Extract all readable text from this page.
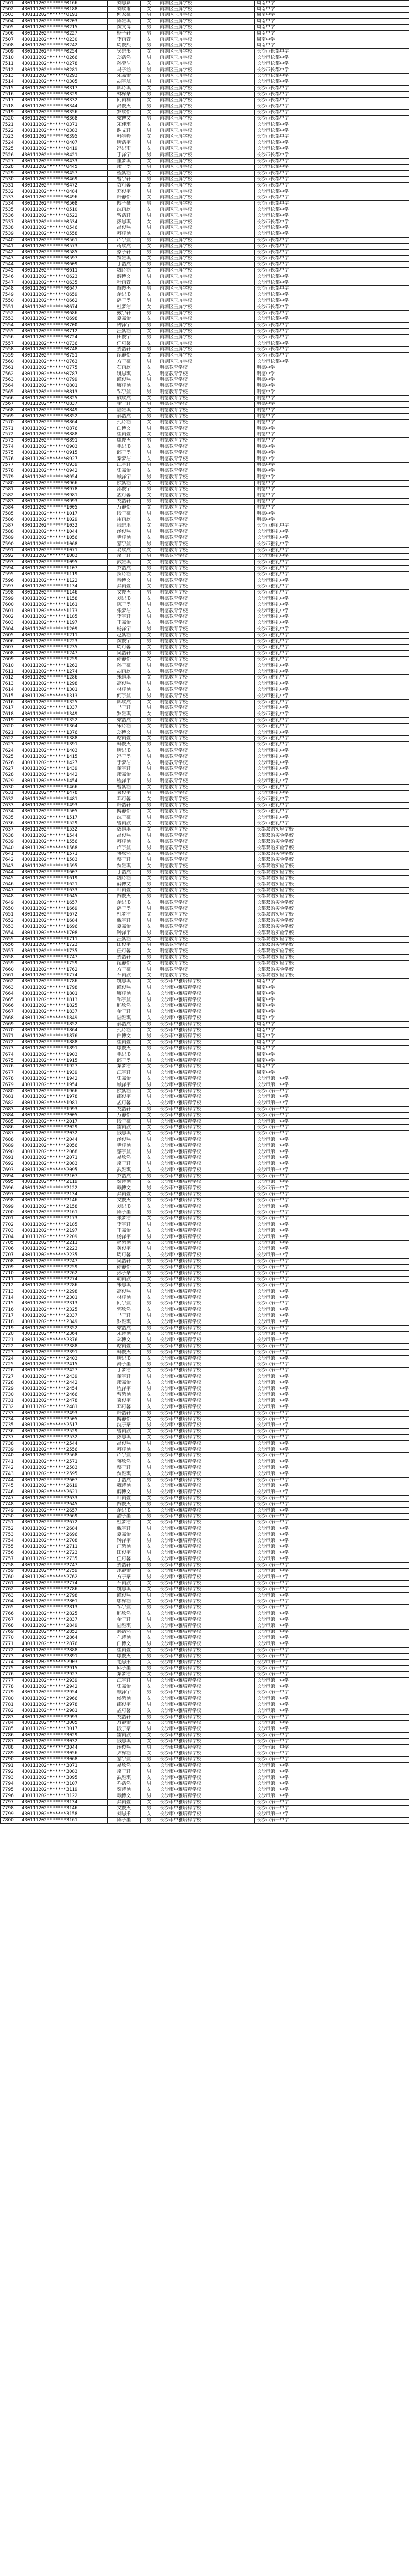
7501	430111202*******0166	刘思嘉	女	雨湖区玉屏学校	周南中学
7502	430111202*******0188	刘欣雨	女	雨湖区玉屏学校	周南中学
7503	430111202*******0191	何家豪	男	雨湖区玉屏学校	周南中学
7504	430111202*******0203	陈雅琪	女	雨湖区玉屏学校	周南中学
7505	430111202*******0215	黄文博	男	雨湖区玉屏学校	周南中学
7506	430111202*******0227	杨子轩	男	雨湖区玉屏学校	周南中学
7507	430111202*******0230	李雨萱	女	雨湖区玉屏学校	周南中学
7508	430111202*******0242	周俊熙	男	雨湖区玉屏学校	周南中学
7509	430111202*******0254	吴思彤	女	雨湖区玉屏学校	长沙市长郡中学
7510	430111202*******0266	郑浩然	男	雨湖区玉屏学校	长沙市长郡中学
7511	430111202*******0278	孙梦洁	女	雨湖区玉屏学校	长沙市长郡中学
7512	430111202*******0281	马子涵	男	雨湖区玉屏学校	长沙市长郡中学
7513	430111202*******0293	朱嘉怡	女	雨湖区玉屏学校	长沙市长郡中学
7514	430111202*******0305	胡宇航	男	雨湖区玉屏学校	长沙市长郡中学
7515	430111202*******0317	郭诗琪	女	雨湖区玉屏学校	长沙市长郡中学
7516	430111202*******0329	林梓豪	男	雨湖区玉屏学校	长沙市长郡中学
7517	430111202*******0332	何雨桐	女	雨湖区玉屏学校	长沙市长郡中学
7518	430111202*******0344	高俊杰	男	雨湖区玉屏学校	长沙市长郡中学
7519	430111202*******0356	罗欣怡	女	雨湖区玉屏学校	长沙市长郡中学
7520	430111202*******0368	梁博文	男	雨湖区玉屏学校	长沙市长郡中学
7521	430111202*******0371	宋佳琪	女	雨湖区玉屏学校	长沙市长郡中学
7522	430111202*******0383	谢文轩	男	雨湖区玉屏学校	长沙市长郡中学
7523	430111202*******0395	韩雅婷	女	雨湖区玉屏学校	长沙市长郡中学
7524	430111202*******0407	唐浩宇	男	雨湖区玉屏学校	长沙市长郡中学
7525	430111202*******0419	冯思雨	女	雨湖区玉屏学校	长沙市长郡中学
7526	430111202*******0421	于泽宇	男	雨湖区玉屏学校	长沙市长郡中学
7527	430111202*******0433	董梦琪	女	雨湖区玉屏学校	长沙市长郡中学
7528	430111202*******0445	萧子墨	男	雨湖区玉屏学校	长沙市长郡中学
7529	430111202*******0457	程紫涵	女	雨湖区玉屏学校	长沙市长郡中学
7530	430111202*******0469	曹宇轩	男	雨湖区玉屏学校	长沙市长郡中学
7531	430111202*******0472	袁可馨	女	雨湖区玉屏学校	长沙市长郡中学
7532	430111202*******0484	邓俊宇	男	雨湖区玉屏学校	长沙市长郡中学
7533	430111202*******0496	许静怡	女	雨湖区玉屏学校	长沙市长郡中学
7534	430111202*******0508	傅子豪	男	雨湖区玉屏学校	长沙市长郡中学
7535	430111202*******0510	沈雨欣	女	雨湖区玉屏学校	长沙市长郡中学
7536	430111202*******0522	曾浩轩	男	雨湖区玉屏学校	长沙市长郡中学
7537	430111202*******0534	彭思琪	女	雨湖区玉屏学校	长沙市长郡中学
7538	430111202*******0546	吕俊熙	男	雨湖区玉屏学校	长沙市长郡中学
7539	430111202*******0558	苏梓涵	女	雨湖区玉屏学校	长沙市长郡中学
7540	430111202*******0561	卢宇航	男	雨湖区玉屏学校	长沙市长郡中学
7541	430111202*******0573	蒋欣然	女	雨湖区玉屏学校	长沙市长郡中学
7542	430111202*******0585	蔡子轩	男	雨湖区玉屏学校	长沙市长郡中学
7543	430111202*******0597	贾雅琪	女	雨湖区玉屏学校	长沙市长郡中学
7544	430111202*******0609	丁浩然	男	雨湖区玉屏学校	长沙市长郡中学
7545	430111202*******0611	魏诗涵	女	雨湖区玉屏学校	长沙市长郡中学
7546	430111202*******0623	薛博文	男	雨湖区玉屏学校	长沙市长郡中学
7547	430111202*******0635	叶雨萱	女	雨湖区玉屏学校	长沙市长郡中学
7548	430111202*******0647	阎俊杰	男	雨湖区玉屏学校	长沙市长郡中学
7549	430111202*******0659	余思彤	女	雨湖区玉屏学校	长沙市长郡中学
7550	430111202*******0662	潘子墨	男	雨湖区玉屏学校	长沙市长郡中学
7551	430111202*******0674	杜梦洁	女	雨湖区玉屏学校	长沙市长郡中学
7552	430111202*******0686	戴宇轩	男	雨湖区玉屏学校	长沙市长郡中学
7553	430111202*******0698	夏嘉怡	女	雨湖区玉屏学校	长沙市长郡中学
7554	430111202*******0700	钟泽宇	男	雨湖区玉屏学校	长沙市长郡中学
7555	430111202*******0712	汪紫涵	女	雨湖区玉屏学校	长沙市长郡中学
7556	430111202*******0724	田俊宇	男	雨湖区玉屏学校	长沙市长郡中学
7557	430111202*******0736	任可馨	女	雨湖区玉屏学校	长沙市长郡中学
7558	430111202*******0748	姜浩轩	男	雨湖区玉屏学校	长沙市长郡中学
7559	430111202*******0751	范静怡	女	雨湖区玉屏学校	长沙市长郡中学
7560	430111202*******0763	方子豪	男	雨湖区玉屏学校	长沙市长郡中学
7561	430111202*******0775	石雨欣	女	明德教育学校	明德中学
7562	430111202*******0787	姚思琪	女	明德教育学校	明德中学
7563	430111202*******0799	谭俊熙	男	明德教育学校	明德中学
7564	430111202*******0801	廖梓涵	女	明德教育学校	明德中学
7565	430111202*******0813	邹宇航	男	明德教育学校	明德中学
7566	430111202*******0825	熊欣然	女	明德教育学校	明德中学
7567	430111202*******0837	金子轩	男	明德教育学校	明德中学
7568	430111202*******0849	陆雅琪	女	明德教育学校	明德中学
7569	430111202*******0852	郝浩然	男	明德教育学校	明德中学
7570	430111202*******0864	孔诗涵	女	明德教育学校	明德中学
7571	430111202*******0876	白博文	男	明德教育学校	明德中学
7572	430111202*******0888	崔雨萱	女	明德教育学校	明德中学
7573	430111202*******0891	康俊杰	男	明德教育学校	明德中学
7574	430111202*******0903	毛思彤	女	明德教育学校	明德中学
7575	430111202*******0915	邱子墨	男	明德教育学校	明德中学
7576	430111202*******0927	秦梦洁	女	明德教育学校	明德中学
7577	430111202*******0939	江宇轩	男	明德教育学校	明德中学
7578	430111202*******0942	史嘉怡	女	明德教育学校	明德中学
7579	430111202*******0954	顾泽宇	男	明德教育学校	明德中学
7580	430111202*******0966	侯紫涵	女	明德教育学校	明德中学
7581	430111202*******0978	邵俊宇	男	明德教育学校	明德中学
7582	430111202*******0981	孟可馨	女	明德教育学校	明德中学
7583	430111202*******0993	龙浩轩	男	明德教育学校	明德中学
7584	430111202*******1005	万静怡	女	明德教育学校	明德中学
7585	430111202*******1017	段子豪	男	明德教育学校	明德中学
7586	430111202*******1029	雷雨欣	女	明德教育学校	明德中学
7587	430111202*******1032	钱思琪	女	明德教育学校	长沙市雅礼中学
7588	430111202*******1044	汤俊熙	男	明德教育学校	长沙市雅礼中学
7589	430111202*******1056	尹梓涵	女	明德教育学校	长沙市雅礼中学
7590	430111202*******1068	黎宇航	男	明德教育学校	长沙市雅礼中学
7591	430111202*******1071	易欣然	女	明德教育学校	长沙市雅礼中学
7592	430111202*******1083	常子轩	男	明德教育学校	长沙市雅礼中学
7593	430111202*******1095	武雅琪	女	明德教育学校	长沙市雅礼中学
7594	430111202*******1107	乔浩然	男	明德教育学校	长沙市雅礼中学
7595	430111202*******1119	贺诗涵	女	明德教育学校	长沙市雅礼中学
7596	430111202*******1122	赖博文	男	明德教育学校	长沙市雅礼中学
7597	430111202*******1134	龚雨萱	女	明德教育学校	长沙市雅礼中学
7598	430111202*******1146	文俊杰	男	明德教育学校	长沙市雅礼中学
7599	430111202*******1158	刘思彤	女	明德教育学校	长沙市雅礼中学
7600	430111202*******1161	陈子墨	男	明德教育学校	长沙市雅礼中学
7601	430111202*******1173	张梦洁	女	明德教育学校	长沙市雅礼中学
7602	430111202*******1185	李宇轩	男	明德教育学校	长沙市雅礼中学
7603	430111202*******1197	王嘉怡	女	明德教育学校	长沙市雅礼中学
7604	430111202*******1209	杨泽宇	男	明德教育学校	长沙市雅礼中学
7605	430111202*******1211	赵紫涵	女	明德教育学校	长沙市雅礼中学
7606	430111202*******1223	黄俊宇	男	明德教育学校	长沙市雅礼中学
7607	430111202*******1235	周可馨	女	明德教育学校	长沙市雅礼中学
7608	430111202*******1247	吴浩轩	男	明德教育学校	长沙市雅礼中学
7609	430111202*******1259	徐静怡	女	明德教育学校	长沙市雅礼中学
7610	430111202*******1262	孙子豪	男	明德教育学校	长沙市雅礼中学
7611	430111202*******1274	胡雨欣	女	明德教育学校	长沙市雅礼中学
7612	430111202*******1286	朱思琪	女	明德教育学校	长沙市雅礼中学
7613	430111202*******1298	高俊熙	男	明德教育学校	长沙市雅礼中学
7614	430111202*******1301	林梓涵	女	明德教育学校	长沙市雅礼中学
7615	430111202*******1313	何宇航	男	明德教育学校	长沙市雅礼中学
7616	430111202*******1325	郭欣然	女	明德教育学校	长沙市雅礼中学
7617	430111202*******1337	马子轩	男	明德教育学校	长沙市雅礼中学
7618	430111202*******1349	罗雅琪	女	明德教育学校	长沙市雅礼中学
7619	430111202*******1352	梁浩然	男	明德教育学校	长沙市雅礼中学
7620	430111202*******1364	宋诗涵	女	明德教育学校	长沙市雅礼中学
7621	430111202*******1376	郑博文	男	明德教育学校	长沙市雅礼中学
7622	430111202*******1388	谢雨萱	女	明德教育学校	长沙市雅礼中学
7623	430111202*******1391	韩俊杰	男	明德教育学校	长沙市雅礼中学
7624	430111202*******1403	唐思彤	女	明德教育学校	长沙市雅礼中学
7625	430111202*******1415	冯子墨	男	明德教育学校	长沙市雅礼中学
7626	430111202*******1427	于梦洁	女	明德教育学校	长沙市雅礼中学
7627	430111202*******1439	董宇轩	男	明德教育学校	长沙市雅礼中学
7628	430111202*******1442	萧嘉怡	女	明德教育学校	长沙市雅礼中学
7629	430111202*******1454	程泽宇	男	明德教育学校	长沙市雅礼中学
7630	430111202*******1466	曹紫涵	女	明德教育学校	长沙市雅礼中学
7631	430111202*******1478	袁俊宇	男	明德教育学校	长沙市雅礼中学
7632	430111202*******1481	邓可馨	女	明德教育学校	长沙市雅礼中学
7633	430111202*******1493	许浩轩	男	明德教育学校	长沙市雅礼中学
7634	430111202*******1505	傅静怡	女	明德教育学校	长沙市雅礼中学
7635	430111202*******1517	沈子豪	男	明德教育学校	长沙市雅礼中学
7636	430111202*******1529	曾雨欣	女	明德教育学校	长沙市雅礼中学
7637	430111202*******1532	彭思琪	女	明德教育学校	长郡双语实验学校
7638	430111202*******1544	吕俊熙	男	明德教育学校	长郡双语实验学校
7639	430111202*******1556	苏梓涵	女	明德教育学校	长郡双语实验学校
7640	430111202*******1568	卢宇航	男	明德教育学校	长郡双语实验学校
7641	430111202*******1571	蒋欣然	女	明德教育学校	长郡双语实验学校
7642	430111202*******1583	蔡子轩	男	明德教育学校	长郡双语实验学校
7643	430111202*******1595	贾雅琪	女	明德教育学校	长郡双语实验学校
7644	430111202*******1607	丁浩然	男	明德教育学校	长郡双语实验学校
7645	430111202*******1619	魏诗涵	女	明德教育学校	长郡双语实验学校
7646	430111202*******1621	薛博文	男	明德教育学校	长郡双语实验学校
7647	430111202*******1633	叶雨萱	女	明德教育学校	长郡双语实验学校
7648	430111202*******1645	阎俊杰	男	明德教育学校	长郡双语实验学校
7649	430111202*******1657	余思彤	女	明德教育学校	长郡双语实验学校
7650	430111202*******1669	潘子墨	男	明德教育学校	长郡双语实验学校
7651	430111202*******1672	杜梦洁	女	明德教育学校	长郡双语实验学校
7652	430111202*******1684	戴宇轩	男	明德教育学校	长郡双语实验学校
7653	430111202*******1696	夏嘉怡	女	明德教育学校	长郡双语实验学校
7654	430111202*******1708	钟泽宇	男	明德教育学校	长郡双语实验学校
7655	430111202*******1711	汪紫涵	女	明德教育学校	长郡双语实验学校
7656	430111202*******1723	田俊宇	男	明德教育学校	长郡双语实验学校
7657	430111202*******1735	任可馨	女	明德教育学校	长郡双语实验学校
7658	430111202*******1747	姜浩轩	男	明德教育学校	长郡双语实验学校
7659	430111202*******1759	范静怡	女	明德教育学校	长郡双语实验学校
7660	430111202*******1762	方子豪	男	明德教育学校	长郡双语实验学校
7661	430111202*******1774	石雨欣	女	明德教育学校	长郡双语实验学校
7662	430111202*******1786	姚思琪	女	长沙市中雅培粹学校	周南中学
7663	430111202*******1798	谭俊熙	男	长沙市中雅培粹学校	周南中学
7664	430111202*******1801	廖梓涵	女	长沙市中雅培粹学校	周南中学
7665	430111202*******1813	邹宇航	男	长沙市中雅培粹学校	周南中学
7666	430111202*******1825	熊欣然	女	长沙市中雅培粹学校	周南中学
7667	430111202*******1837	金子轩	男	长沙市中雅培粹学校	周南中学
7668	430111202*******1849	陆雅琪	女	长沙市中雅培粹学校	周南中学
7669	430111202*******1852	郝浩然	男	长沙市中雅培粹学校	周南中学
7670	430111202*******1864	孔诗涵	女	长沙市中雅培粹学校	周南中学
7671	430111202*******1876	白博文	男	长沙市中雅培粹学校	周南中学
7672	430111202*******1888	崔雨萱	女	长沙市中雅培粹学校	周南中学
7673	430111202*******1891	康俊杰	男	长沙市中雅培粹学校	周南中学
7674	430111202*******1903	毛思彤	女	长沙市中雅培粹学校	周南中学
7675	430111202*******1915	邱子墨	男	长沙市中雅培粹学校	周南中学
7676	430111202*******1927	秦梦洁	女	长沙市中雅培粹学校	周南中学
7677	430111202*******1939	江宇轩	男	长沙市中雅培粹学校	周南中学
7678	430111202*******1942	史嘉怡	女	长沙市中雅培粹学校	长沙市第一中学
7679	430111202*******1954	顾泽宇	男	长沙市中雅培粹学校	长沙市第一中学
7680	430111202*******1966	侯紫涵	女	长沙市中雅培粹学校	长沙市第一中学
7681	430111202*******1978	邵俊宇	男	长沙市中雅培粹学校	长沙市第一中学
7682	430111202*******1981	孟可馨	女	长沙市中雅培粹学校	长沙市第一中学
7683	430111202*******1993	龙浩轩	男	长沙市中雅培粹学校	长沙市第一中学
7684	430111202*******2005	万静怡	女	长沙市中雅培粹学校	长沙市第一中学
7685	430111202*******2017	段子豪	男	长沙市中雅培粹学校	长沙市第一中学
7686	430111202*******2029	雷雨欣	女	长沙市中雅培粹学校	长沙市第一中学
7687	430111202*******2032	钱思琪	女	长沙市中雅培粹学校	长沙市第一中学
7688	430111202*******2044	汤俊熙	男	长沙市中雅培粹学校	长沙市第一中学
7689	430111202*******2056	尹梓涵	女	长沙市中雅培粹学校	长沙市第一中学
7690	430111202*******2068	黎宇航	男	长沙市中雅培粹学校	长沙市第一中学
7691	430111202*******2071	易欣然	女	长沙市中雅培粹学校	长沙市第一中学
7692	430111202*******2083	常子轩	男	长沙市中雅培粹学校	长沙市第一中学
7693	430111202*******2095	武雅琪	女	长沙市中雅培粹学校	长沙市第一中学
7694	430111202*******2107	乔浩然	男	长沙市中雅培粹学校	长沙市第一中学
7695	430111202*******2119	贺诗涵	女	长沙市中雅培粹学校	长沙市第一中学
7696	430111202*******2122	赖博文	男	长沙市中雅培粹学校	长沙市第一中学
7697	430111202*******2134	龚雨萱	女	长沙市中雅培粹学校	长沙市第一中学
7698	430111202*******2146	文俊杰	男	长沙市中雅培粹学校	长沙市第一中学
7699	430111202*******2158	刘思彤	女	长沙市中雅培粹学校	长沙市第一中学
7700	430111202*******2161	陈子墨	男	长沙市中雅培粹学校	长沙市第一中学
7701	430111202*******2173	张梦洁	女	长沙市中雅培粹学校	长沙市第一中学
7702	430111202*******2185	李宇轩	男	长沙市中雅培粹学校	长沙市第一中学
7703	430111202*******2197	王嘉怡	女	长沙市中雅培粹学校	长沙市第一中学
7704	430111202*******2209	杨泽宇	男	长沙市中雅培粹学校	长沙市第一中学
7705	430111202*******2211	赵紫涵	女	长沙市中雅培粹学校	长沙市第一中学
7706	430111202*******2223	黄俊宇	男	长沙市中雅培粹学校	长沙市第一中学
7707	430111202*******2235	周可馨	女	长沙市中雅培粹学校	长沙市第一中学
7708	430111202*******2247	吴浩轩	男	长沙市中雅培粹学校	长沙市第一中学
7709	430111202*******2259	徐静怡	女	长沙市中雅培粹学校	长沙市第一中学
7710	430111202*******2262	孙子豪	男	长沙市中雅培粹学校	长沙市第一中学
7711	430111202*******2274	胡雨欣	女	长沙市中雅培粹学校	长沙市第一中学
7712	430111202*******2286	朱思琪	女	长沙市中雅培粹学校	长沙市第一中学
7713	430111202*******2298	高俊熙	男	长沙市中雅培粹学校	长沙市第一中学
7714	430111202*******2301	林梓涵	女	长沙市中雅培粹学校	长沙市第一中学
7715	430111202*******2313	何宇航	男	长沙市中雅培粹学校	长沙市第一中学
7716	430111202*******2325	郭欣然	女	长沙市中雅培粹学校	长沙市第一中学
7717	430111202*******2337	马子轩	男	长沙市中雅培粹学校	长沙市第一中学
7718	430111202*******2349	罗雅琪	女	长沙市中雅培粹学校	长沙市第一中学
7719	430111202*******2352	梁浩然	男	长沙市中雅培粹学校	长沙市第一中学
7720	430111202*******2364	宋诗涵	女	长沙市中雅培粹学校	长沙市第一中学
7721	430111202*******2376	郑博文	男	长沙市中雅培粹学校	长沙市第一中学
7722	430111202*******2388	谢雨萱	女	长沙市中雅培粹学校	长沙市第一中学
7723	430111202*******2391	韩俊杰	男	长沙市中雅培粹学校	长沙市第一中学
7724	430111202*******2403	唐思彤	女	长沙市中雅培粹学校	长沙市第一中学
7725	430111202*******2415	冯子墨	男	长沙市中雅培粹学校	长沙市第一中学
7726	430111202*******2427	于梦洁	女	长沙市中雅培粹学校	长沙市第一中学
7727	430111202*******2439	董宇轩	男	长沙市中雅培粹学校	长沙市第一中学
7728	430111202*******2442	萧嘉怡	女	长沙市中雅培粹学校	长沙市第一中学
7729	430111202*******2454	程泽宇	男	长沙市中雅培粹学校	长沙市第一中学
7730	430111202*******2466	曹紫涵	女	长沙市中雅培粹学校	长沙市第一中学
7731	430111202*******2478	袁俊宇	男	长沙市中雅培粹学校	长沙市第一中学
7732	430111202*******2481	邓可馨	女	长沙市中雅培粹学校	长沙市第一中学
7733	430111202*******2493	许浩轩	男	长沙市中雅培粹学校	长沙市第一中学
7734	430111202*******2505	傅静怡	女	长沙市中雅培粹学校	长沙市第一中学
7735	430111202*******2517	沈子豪	男	长沙市中雅培粹学校	长沙市第一中学
7736	430111202*******2529	曾雨欣	女	长沙市中雅培粹学校	长沙市第一中学
7737	430111202*******2532	彭思琪	女	长沙市中雅培粹学校	长沙市第一中学
7738	430111202*******2544	吕俊熙	男	长沙市中雅培粹学校	长沙市第一中学
7739	430111202*******2556	苏梓涵	女	长沙市中雅培粹学校	长沙市第一中学
7740	430111202*******2568	卢宇航	男	长沙市中雅培粹学校	长沙市第一中学
7741	430111202*******2571	蒋欣然	女	长沙市中雅培粹学校	长沙市第一中学
7742	430111202*******2583	蔡子轩	男	长沙市中雅培粹学校	长沙市第一中学
7743	430111202*******2595	贾雅琪	女	长沙市中雅培粹学校	长沙市第一中学
7744	430111202*******2607	丁浩然	男	长沙市中雅培粹学校	长沙市第一中学
7745	430111202*******2619	魏诗涵	女	长沙市中雅培粹学校	长沙市第一中学
7746	430111202*******2621	薛博文	男	长沙市中雅培粹学校	长沙市第一中学
7747	430111202*******2633	叶雨萱	女	长沙市中雅培粹学校	长沙市第一中学
7748	430111202*******2645	阎俊杰	男	长沙市中雅培粹学校	长沙市第一中学
7749	430111202*******2657	余思彤	女	长沙市中雅培粹学校	长沙市第一中学
7750	430111202*******2669	潘子墨	男	长沙市中雅培粹学校	长沙市第一中学
7751	430111202*******2672	杜梦洁	女	长沙市中雅培粹学校	长沙市第一中学
7752	430111202*******2684	戴宇轩	男	长沙市中雅培粹学校	长沙市第一中学
7753	430111202*******2696	夏嘉怡	女	长沙市中雅培粹学校	长沙市第一中学
7754	430111202*******2708	钟泽宇	男	长沙市中雅培粹学校	长沙市第一中学
7755	430111202*******2711	汪紫涵	女	长沙市中雅培粹学校	长沙市第一中学
7756	430111202*******2723	田俊宇	男	长沙市中雅培粹学校	长沙市第一中学
7757	430111202*******2735	任可馨	女	长沙市中雅培粹学校	长沙市第一中学
7758	430111202*******2747	姜浩轩	男	长沙市中雅培粹学校	长沙市第一中学
7759	430111202*******2759	范静怡	女	长沙市中雅培粹学校	长沙市第一中学
7760	430111202*******2762	方子豪	男	长沙市中雅培粹学校	长沙市第一中学
7761	430111202*******2774	石雨欣	女	长沙市中雅培粹学校	长沙市第一中学
7762	430111202*******2786	姚思琪	女	长沙市中雅培粹学校	长沙市第一中学
7763	430111202*******2798	谭俊熙	男	长沙市中雅培粹学校	长沙市第一中学
7764	430111202*******2801	廖梓涵	女	长沙市中雅培粹学校	长沙市第一中学
7765	430111202*******2813	邹宇航	男	长沙市中雅培粹学校	长沙市第一中学
7766	430111202*******2825	熊欣然	女	长沙市中雅培粹学校	长沙市第一中学
7767	430111202*******2837	金子轩	男	长沙市中雅培粹学校	长沙市第一中学
7768	430111202*******2849	陆雅琪	女	长沙市中雅培粹学校	长沙市第一中学
7769	430111202*******2852	郝浩然	男	长沙市中雅培粹学校	长沙市第一中学
7770	430111202*******2864	孔诗涵	女	长沙市中雅培粹学校	长沙市第一中学
7771	430111202*******2876	白博文	男	长沙市中雅培粹学校	长沙市第一中学
7772	430111202*******2888	崔雨萱	女	长沙市中雅培粹学校	长沙市第一中学
7773	430111202*******2891	康俊杰	男	长沙市中雅培粹学校	长沙市第一中学
7774	430111202*******2903	毛思彤	女	长沙市中雅培粹学校	长沙市第一中学
7775	430111202*******2915	邱子墨	男	长沙市中雅培粹学校	长沙市第一中学
7776	430111202*******2927	秦梦洁	女	长沙市中雅培粹学校	长沙市第一中学
7777	430111202*******2939	江宇轩	男	长沙市中雅培粹学校	长沙市第一中学
7778	430111202*******2942	史嘉怡	女	长沙市中雅培粹学校	长沙市第一中学
7779	430111202*******2954	顾泽宇	男	长沙市中雅培粹学校	长沙市第一中学
7780	430111202*******2966	侯紫涵	女	长沙市中雅培粹学校	长沙市第一中学
7781	430111202*******2978	邵俊宇	男	长沙市中雅培粹学校	长沙市第一中学
7782	430111202*******2981	孟可馨	女	长沙市中雅培粹学校	长沙市第一中学
7783	430111202*******2993	龙浩轩	男	长沙市中雅培粹学校	长沙市第一中学
7784	430111202*******3005	万静怡	女	长沙市中雅培粹学校	长沙市第一中学
7785	430111202*******3017	段子豪	男	长沙市中雅培粹学校	长沙市第一中学
7786	430111202*******3029	雷雨欣	女	长沙市中雅培粹学校	长沙市第一中学
7787	430111202*******3032	钱思琪	女	长沙市中雅培粹学校	长沙市第一中学
7788	430111202*******3044	汤俊熙	男	长沙市中雅培粹学校	长沙市第一中学
7789	430111202*******3056	尹梓涵	女	长沙市中雅培粹学校	长沙市第一中学
7790	430111202*******3068	黎宇航	男	长沙市中雅培粹学校	长沙市第一中学
7791	430111202*******3071	易欣然	女	长沙市中雅培粹学校	长沙市第一中学
7792	430111202*******3083	常子轩	男	长沙市中雅培粹学校	长沙市第一中学
7793	430111202*******3095	武雅琪	女	长沙市中雅培粹学校	长沙市第一中学
7794	430111202*******3107	乔浩然	男	长沙市中雅培粹学校	长沙市第一中学
7795	430111202*******3119	贺诗涵	女	长沙市中雅培粹学校	长沙市第一中学
7796	430111202*******3122	赖博文	男	长沙市中雅培粹学校	长沙市第一中学
7797	430111202*******3134	龚雨萱	女	长沙市中雅培粹学校	长沙市第一中学
7798	430111202*******3146	文俊杰	男	长沙市中雅培粹学校	长沙市第一中学
7799	430111202*******3158	刘思彤	女	长沙市中雅培粹学校	长沙市第一中学
7800	430111202*******3161	陈子墨	男	长沙市中雅培粹学校	长沙市第一中学
